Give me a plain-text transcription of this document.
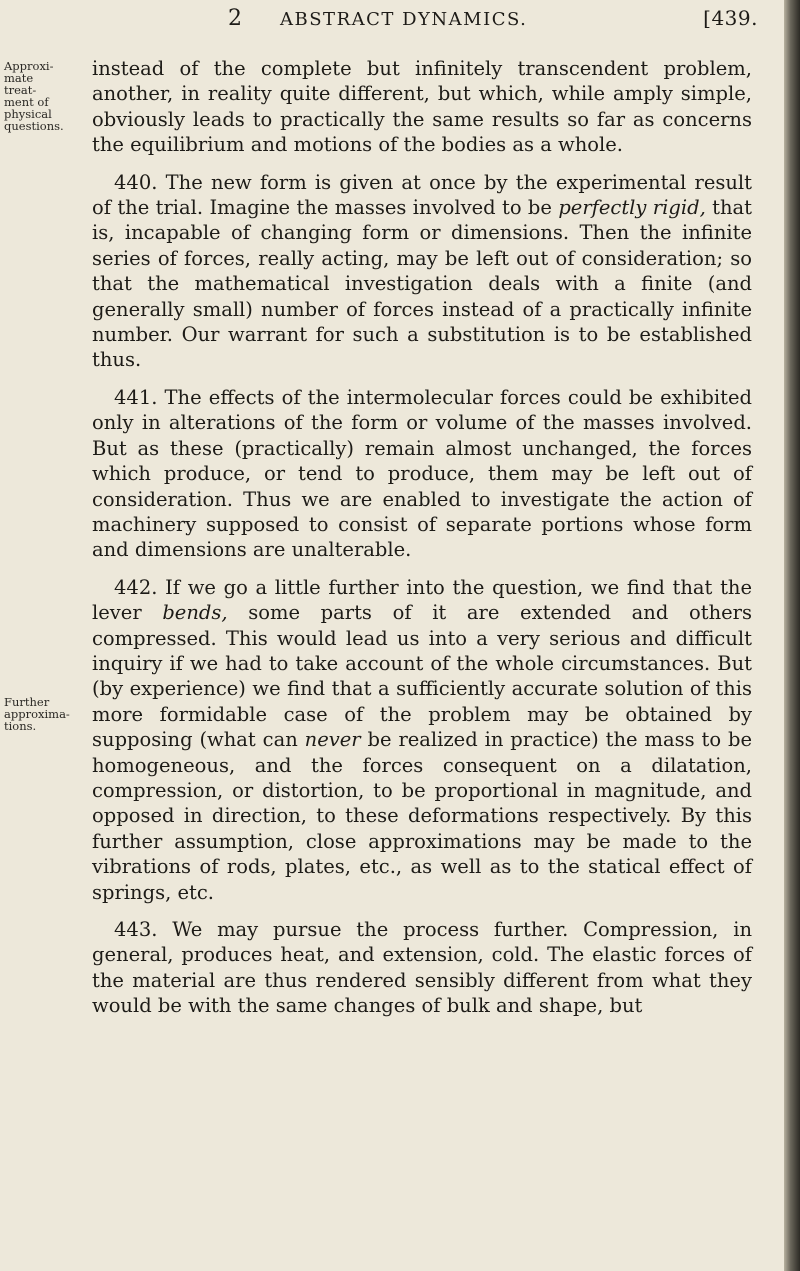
2 ABSTRACT DYNAMICS.	[439.
Approxi-
mate treat-
ment of
physical
questions.
Further
approxima-
tions.

instead of the complete but infinitely transcendent problem, another, in reality quite different, but which, while amply simple, obviously leads to practically the same results so far as concerns the equilibrium and motions of the bodies as a whole.

440. The new form is given at once by the experimental result of the trial. Imagine the masses involved to be perfectly rigid, that is, incapable of changing form or dimensions. Then the infinite series of forces, really acting, may be left out of consideration; so that the mathematical investigation deals with a finite (and generally small) number of forces instead of a practically infinite number. Our warrant for such a substitution is to be established thus.

441. The effects of the intermolecular forces could be exhibited only in alterations of the form or volume of the masses involved. But as these (practically) remain almost unchanged, the forces which produce, or tend to produce, them may be left out of consideration. Thus we are enabled to investigate the action of machinery supposed to consist of separate portions whose form and dimensions are unalterable.

442. If we go a little further into the question, we find that the lever bends, some parts of it are extended and others compressed. This would lead us into a very serious and difficult inquiry if we had to take account of the whole circumstances. But (by experience) we find that a sufficiently accurate solution of this more formidable case of the problem may be obtained by supposing (what can never be realized in practice) the mass to be homogeneous, and the forces consequent on a dilatation, compression, or distortion, to be proportional in magnitude, and opposed in direction, to these deformations respectively. By this further assumption, close approximations may be made to the vibrations of rods, plates, etc., as well as to the statical effect of springs, etc.

443. We may pursue the process further. Compression, in general, produces heat, and extension, cold. The elastic forces of the material are thus rendered sensibly different from what they would be with the same changes of bulk and shape, but
